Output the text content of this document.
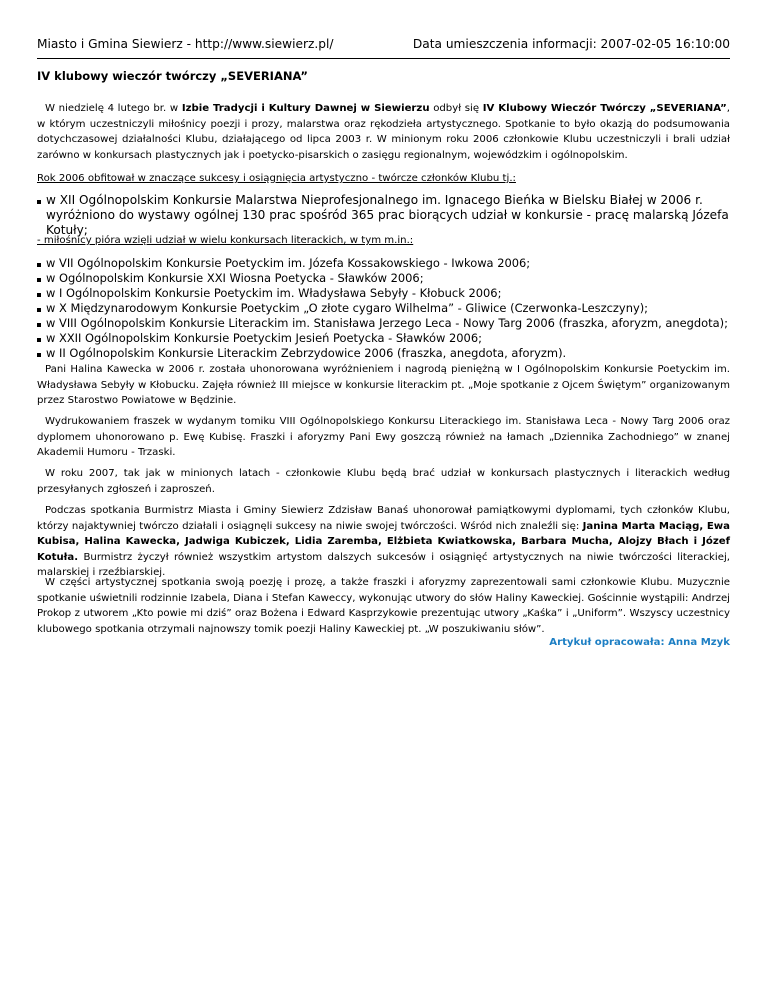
Miasto i Gmina Siewierz - http://www.siewierz.pl/	Data umieszczenia informacji: 2007-02-05 16:10:00
IV klubowy wieczór twórczy „SEVERIANA”

W niedzielę 4 lutego br. w Izbie Tradycji i Kultury Dawnej w Siewierzu odbył się IV Klubowy Wieczór Twórczy „SEVERIANA”, w którym uczestniczyli miłośnicy poezji i prozy, malarstwa oraz rękodzieła artystycznego. Spotkanie to było okazją do podsumowania dotychczasowej działalności Klubu, działającego od lipca 2003 r. W minionym roku 2006 członkowie Klubu uczestniczyli i brali udział zarówno w konkursach plastycznych jak i poetycko-pisarskich o zasięgu regionalnym, wojewódzkim i ogólnopolskim.

Rok 2006 obfitował w znaczące sukcesy i osiągnięcia artystyczno - twórcze członków Klubu tj.:

w XII Ogólnopolskim Konkursie Malarstwa Nieprofesjonalnego im. Ignacego Bieńka w Bielsku Białej w 2006 r. wyróżniono do wystawy ogólnej 130 prac spośród 365 prac biorących udział w konkursie - pracę malarską Józefa Kotuły;

- miłośnicy pióra wzięli udział w wielu konkursach literackich, w tym m.in.:

w VII Ogólnopolskim Konkursie Poetyckim im. Józefa Kossakowskiego - Iwkowa 2006;
w Ogólnopolskim Konkursie XXI Wiosna Poetycka - Sławków 2006;
w I Ogólnopolskim Konkursie Poetyckim im. Władysława Sebyły - Kłobuck 2006;
w X Międzynarodowym Konkursie Poetyckim „O złote cygaro Wilhelma” - Gliwice (Czerwonka-Leszczyny);
w VIII Ogólnopolskim Konkursie Literackim im. Stanisława Jerzego Leca - Nowy Targ 2006 (fraszka, aforyzm, anegdota);
w XXII Ogólnopolskim Konkursie Poetyckim Jesień Poetycka - Sławków 2006;
w II Ogólnopolskim Konkursie Literackim Zebrzydowice 2006 (fraszka, anegdota, aforyzm).

Pani Halina Kawecka w 2006 r. została uhonorowana wyróżnieniem i nagrodą pieniężną w I Ogólnopolskim Konkursie Poetyckim im. Władysława Sebyły w Kłobucku. Zajęła również III miejsce w konkursie literackim pt. „Moje spotkanie z Ojcem Świętym” organizowanym przez Starostwo Powiatowe w Będzinie.

Wydrukowaniem fraszek w wydanym tomiku VIII Ogólnopolskiego Konkursu Literackiego im. Stanisława Leca - Nowy Targ 2006 oraz dyplomem uhonorowano p. Ewę Kubisę. Fraszki i aforyzmy Pani Ewy goszczą również na łamach „Dziennika Zachodniego” w znanej Akademii Humoru - Trzaski.

W roku 2007, tak jak w minionych latach - członkowie Klubu będą brać udział w konkursach plastycznych i literackich według przesyłanych zgłoszeń i zaproszeń.

Podczas spotkania Burmistrz Miasta i Gminy Siewierz Zdzisław Banaś uhonorował pamiątkowymi dyplomami, tych członków Klubu, którzy najaktywniej twórczo działali i osiągnęli sukcesy na niwie swojej twórczości. Wśród nich znaleźli się: Janina Marta Maciąg, Ewa Kubisa, Halina Kawecka, Jadwiga Kubiczek, Lidia Zaremba, Elżbieta Kwiatkowska, Barbara Mucha, Alojzy Błach i Józef Kotuła. Burmistrz życzył również wszystkim artystom dalszych sukcesów i osiągnięć artystycznych na niwie twórczości literackiej, malarskiej i rzeźbiarskiej.

W części artystycznej spotkania swoją poezję i prozę, a także fraszki i aforyzmy zaprezentowali sami członkowie Klubu. Muzycznie spotkanie uświetnili rodzinnie Izabela, Diana i Stefan Kaweccy, wykonując utwory do słów Haliny Kaweckiej. Gościnnie wystąpili: Andrzej Prokop z utworem „Kto powie mi dziś” oraz Bożena i Edward Kasprzykowie prezentując utwory „Kaśka” i „Uniform”. Wszyscy uczestnicy klubowego spotkania otrzymali najnowszy tomik poezji Haliny Kaweckiej pt. „W poszukiwaniu słów”.

Artykuł opracowała: Anna Mzyk
